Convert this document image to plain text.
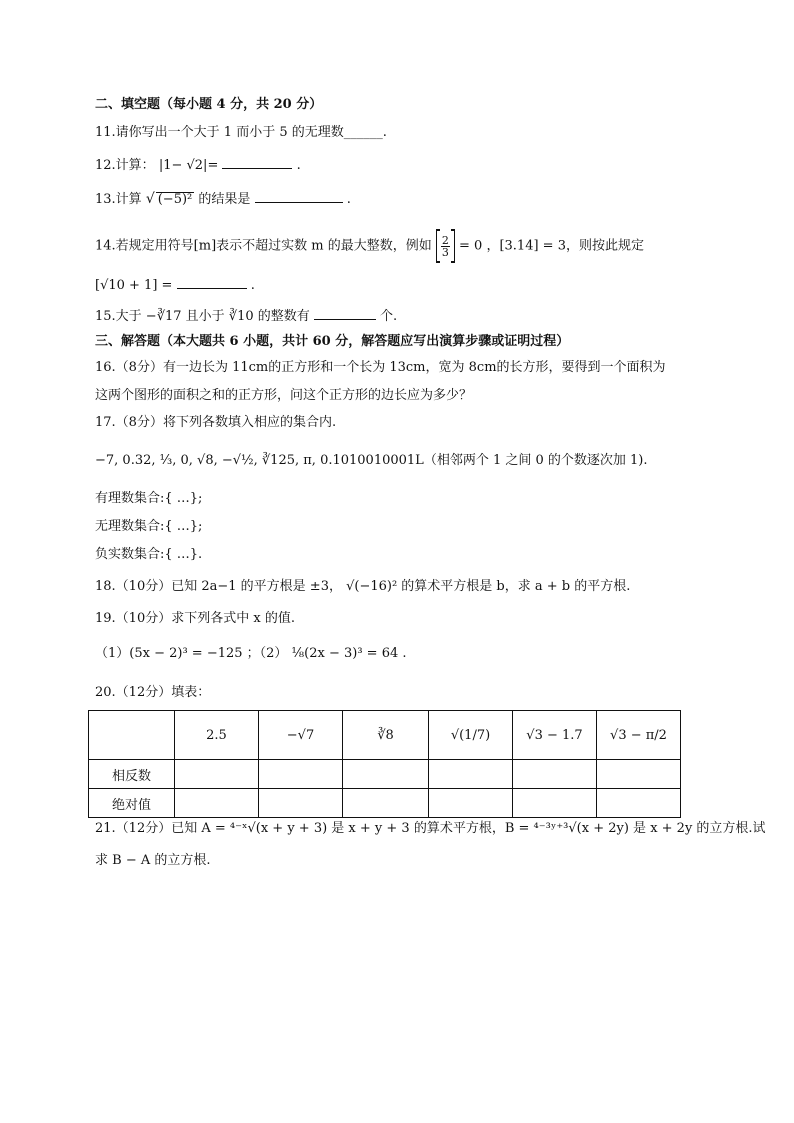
二、填空题（每小题 4 分，共 20 分）
11.请你写出一个大于 1 而小于 5 的无理数______.
12.计算： |1− √2|=	.
13.计算 √ (−5)² 的结果是	.
14.若规定用符号[m]表示不超过实数 m 的最大整数，例如 $\frac{2}{3} = 0$ ，[3.14] = 3，则按此规定
[√10 + 1] =	.
15.大于 −∛17 且小于 ∛10 的整数有	个.
三、解答题（本大题共 6 小题，共计 60 分，解答题应写出演算步骤或证明过程）
16.（8分）有一边长为 11cm的正方形和一个长为 13cm，宽为 8cm的长方形，要得到一个面积为
这两个图形的面积之和的正方形，问这个正方形的边长应为多少？
17.（8分）将下列各数填入相应的集合内.
−7, 0.32, ⅓, 0, √8, −√½, ∛125, π, 0.1010010001L（相邻两个 1 之间 0 的个数逐次加 1).
有理数集合:{ …};
无理数集合:{ …};
负实数集合:{ …}.
18.（10分）已知 2a−1 的平方根是 ±3， √(−16)² 的算术平方根是 b，求 a + b 的平方根.
19.（10分）求下列各式中 x 的值.
（1）(5x − 2)³ = −125 ；（2） ⅛(2x − 3)³ = 64 .
20.（12分）填表：
	2.5	−√7	∛8	√(1/7)	√3 − 1.7	√3 − π/2
相反数						
绝对值						
21.（12分）已知 A = ⁴⁻ˣ√(x + y + 3) 是 x + y + 3 的算术平方根，B = ⁴⁻³ʸ⁺³√(x + 2y) 是 x + 2y 的立方根.试
求 B − A 的立方根.
